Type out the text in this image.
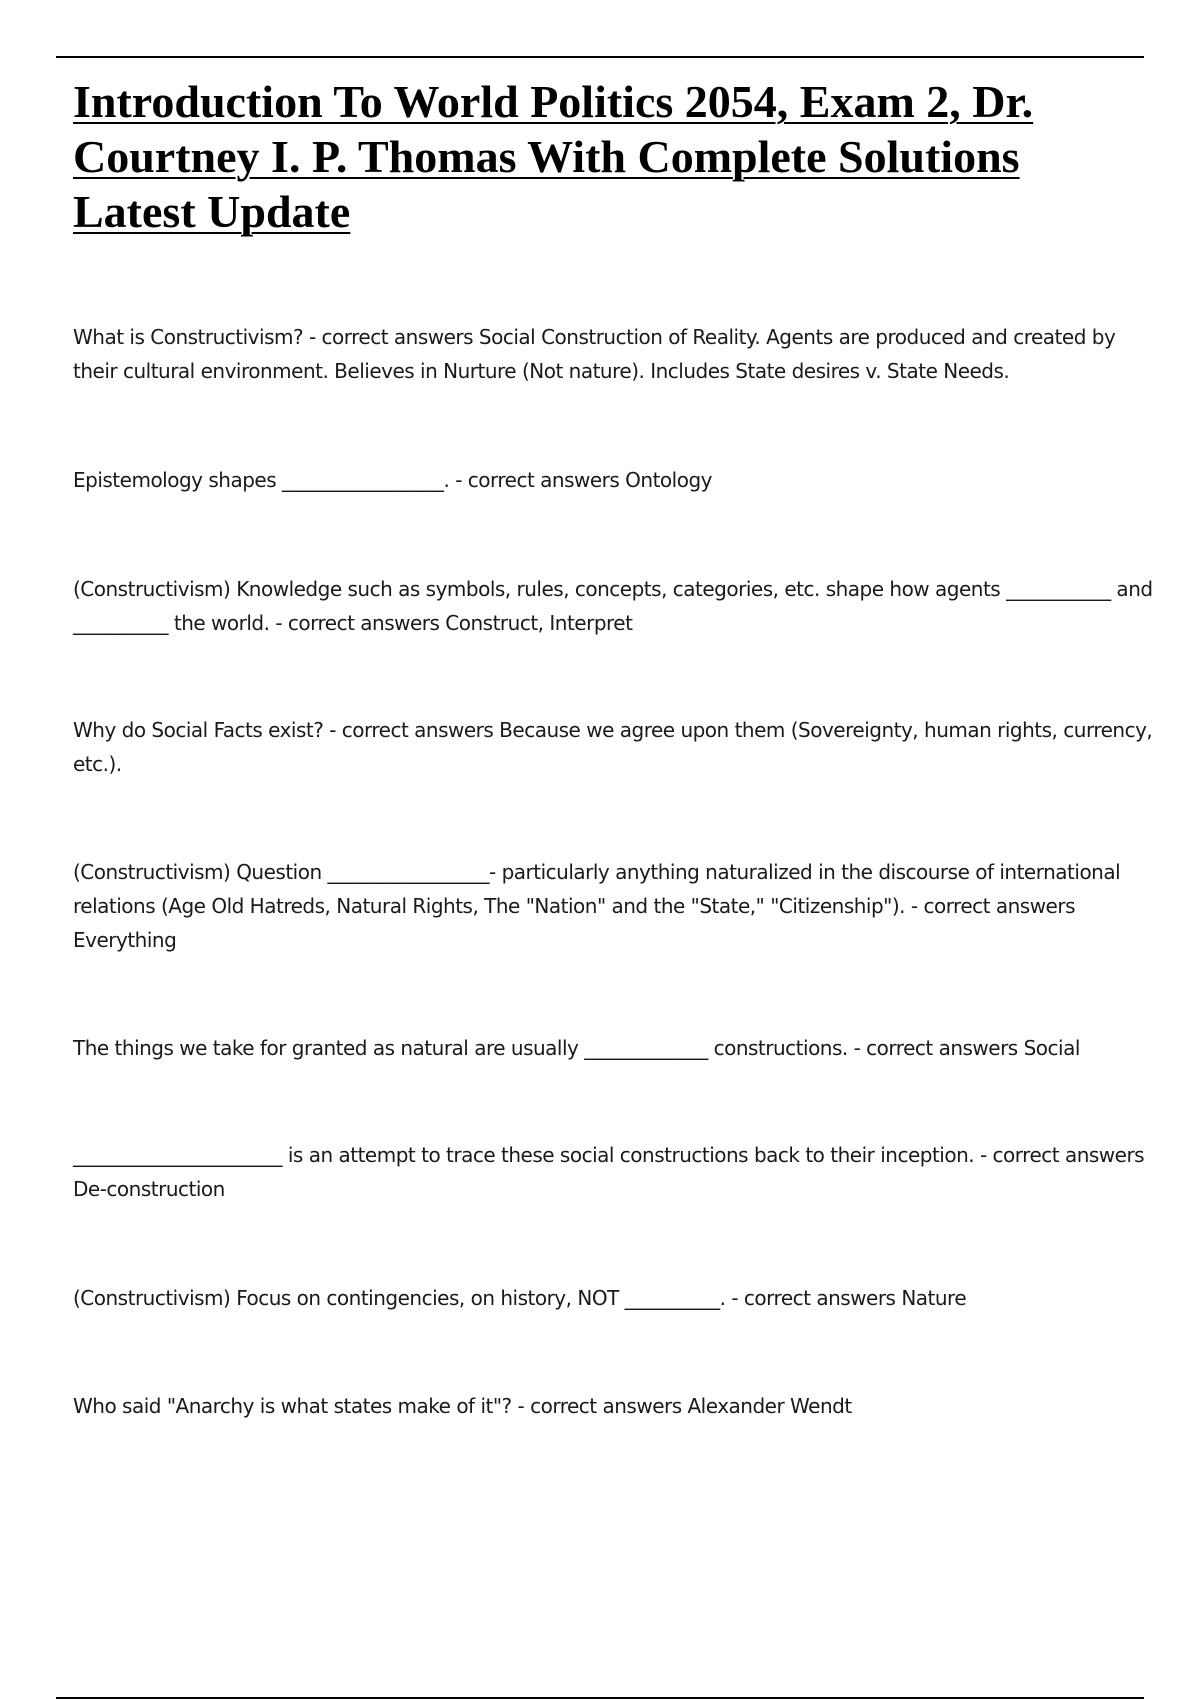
Introduction To World Politics 2054, Exam 2, Dr. Courtney I. P. Thomas With Complete Solutions Latest Update

What is Constructivism? - correct answers Social Construction of Reality. Agents are produced and created by their cultural environment. Believes in Nurture (Not nature). Includes State desires v. State Needs.

Epistemology shapes _________________. - correct answers Ontology

(Constructivism) Knowledge such as symbols, rules, concepts, categories, etc. shape how agents ___________ and __________ the world. - correct answers Construct, Interpret

Why do Social Facts exist? - correct answers Because we agree upon them (Sovereignty, human rights, currency, etc.).

(Constructivism) Question _________________- particularly anything naturalized in the discourse of international relations (Age Old Hatreds, Natural Rights, The "Nation" and the "State," "Citizenship"). - correct answers Everything

The things we take for granted as natural are usually _____________ constructions. - correct answers Social

______________________ is an attempt to trace these social constructions back to their inception. - correct answers De-construction

(Constructivism) Focus on contingencies, on history, NOT __________. - correct answers Nature

Who said "Anarchy is what states make of it"? - correct answers Alexander Wendt
